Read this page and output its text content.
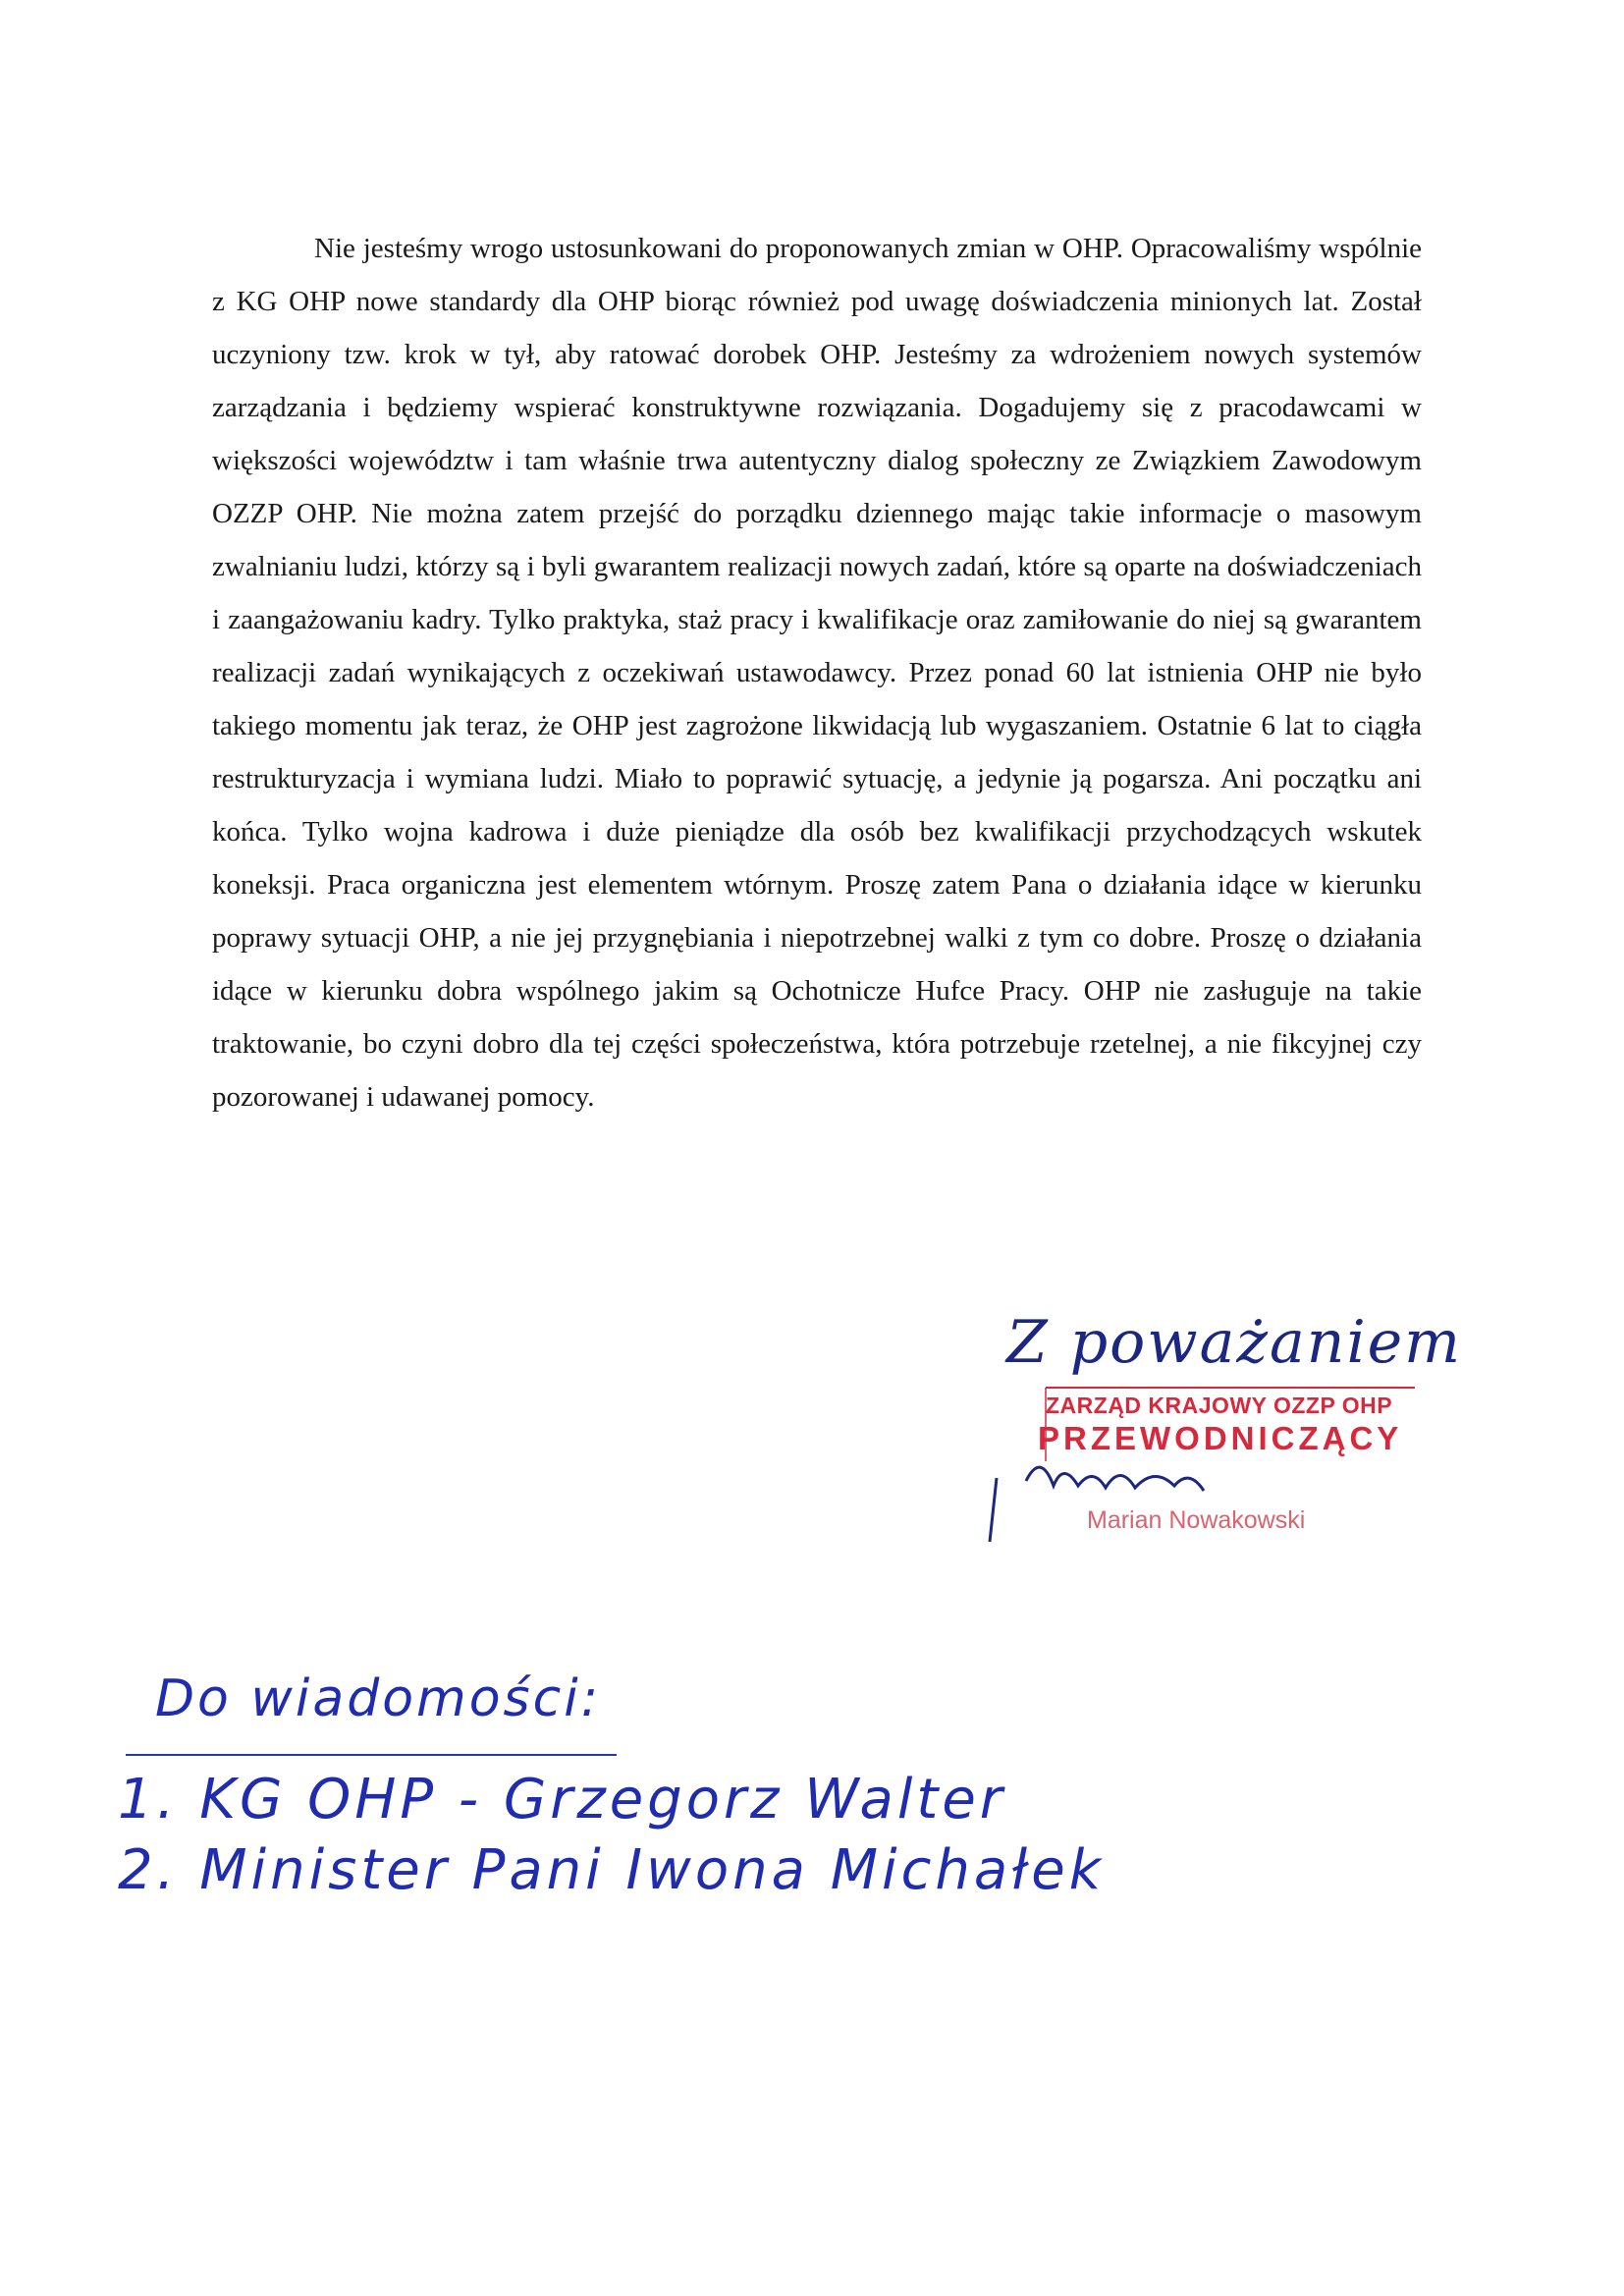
Nie jesteśmy wrogo ustosunkowani do proponowanych zmian w OHP. Opracowaliśmy wspólnie z KG OHP nowe standardy dla OHP biorąc również pod uwagę doświadczenia minionych lat. Został uczyniony tzw. krok w tył, aby ratować dorobek OHP. Jesteśmy za wdrożeniem nowych systemów zarządzania i będziemy wspierać konstruktywne rozwiązania. Dogadujemy się z pracodawcami w większości województw i tam właśnie trwa autentyczny dialog społeczny ze Związkiem Zawodowym OZZP OHP. Nie można zatem przejść do porządku dziennego mając takie informacje o masowym zwalnianiu ludzi, którzy są i byli gwarantem realizacji nowych zadań, które są oparte na doświadczeniach i zaangażowaniu kadry. Tylko praktyka, staż pracy i kwalifikacje oraz zamiłowanie do niej są gwarantem realizacji zadań wynikających z oczekiwań ustawodawcy. Przez ponad 60 lat istnienia OHP nie było takiego momentu jak teraz, że OHP jest zagrożone likwidacją lub wygaszaniem. Ostatnie 6 lat to ciągła restrukturyzacja i wymiana ludzi. Miało to poprawić sytuację, a jedynie ją pogarsza. Ani początku ani końca. Tylko wojna kadrowa i duże pieniądze dla osób bez kwalifikacji przychodzących wskutek koneksji. Praca organiczna jest elementem wtórnym. Proszę zatem Pana o działania idące w kierunku poprawy sytuacji OHP, a nie jej przygnębiania i niepotrzebnej walki z tym co dobre. Proszę o działania idące w kierunku dobra wspólnego jakim są Ochotnicze Hufce Pracy. OHP nie zasługuje na takie traktowanie, bo czyni dobro dla tej części społeczeństwa, która potrzebuje rzetelnej, a nie fikcyjnej czy pozorowanej i udawanej pomocy.

Z poważaniem
ZARZĄD KRAJOWY OZZP OHP
PRZEWODNICZĄCY
Marian Nowakowski
Do wiadomości:
1. KG OHP - Grzegorz Walter
2. Minister Pani Iwona Michałek
